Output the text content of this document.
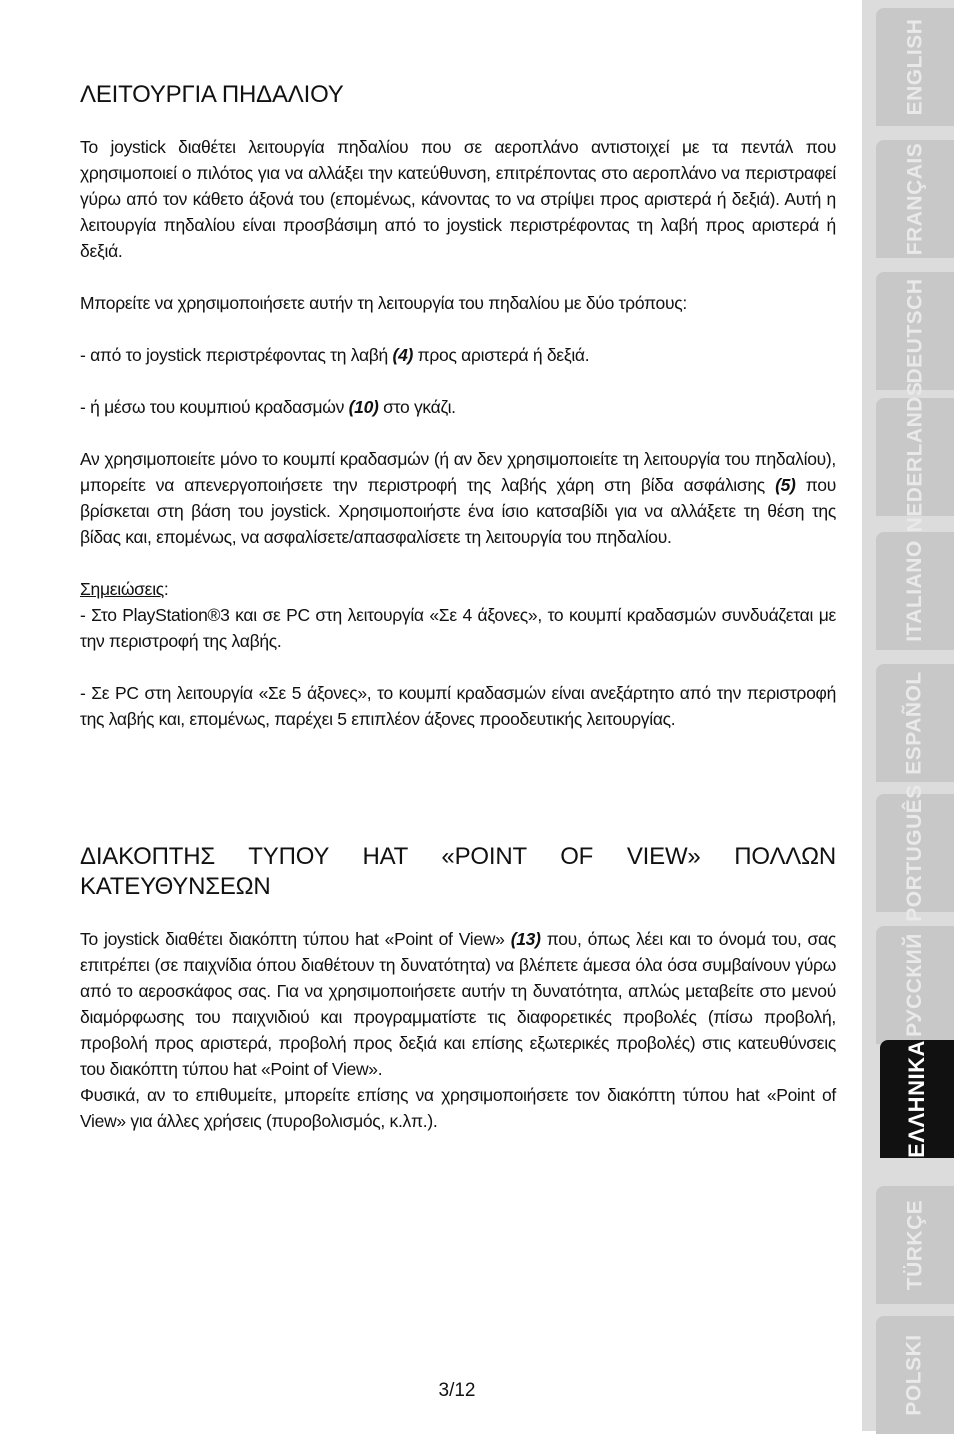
ΛΕΙΤΟΥΡΓΙΑ ΠΗΔΑΛΙΟΥ

Το joystick διαθέτει λειτουργία πηδαλίου που σε αεροπλάνο αντιστοιχεί με τα πεντάλ που χρησιμοποιεί ο πιλότος για να αλλάξει την κατεύθυνση, επιτρέποντας στο αεροπλάνο να περιστραφεί γύρω από τον κάθετο άξονά του (επομένως, κάνοντας το να στρίψει προς αριστερά ή δεξιά). Αυτή η λειτουργία πηδαλίου είναι προσβάσιμη από το joystick περιστρέφοντας τη λαβή προς αριστερά ή δεξιά.

Μπορείτε να χρησιμοποιήσετε αυτήν τη λειτουργία του πηδαλίου με δύο τρόπους:

- από το joystick περιστρέφοντας τη λαβή (4) προς αριστερά ή δεξιά.

- ή μέσω του κουμπιού κραδασμών (10) στο γκάζι.

Αν χρησιμοποιείτε μόνο το κουμπί κραδασμών (ή αν δεν χρησιμοποιείτε τη λειτουργία του πηδαλίου), μπορείτε να απενεργοποιήσετε την περιστροφή της λαβής χάρη στη βίδα ασφάλισης (5) που βρίσκεται στη βάση του joystick. Χρησιμοποιήστε ένα ίσιο κατσαβίδι για να αλλάξετε τη θέση της βίδας και, επομένως, να ασφαλίσετε/απασφαλίσετε τη λειτουργία του πηδαλίου.

Σημειώσεις:

- Στο PlayStation®3 και σε PC στη λειτουργία «Σε 4 άξονες», το κουμπί κραδασμών συνδυάζεται με την περιστροφή της λαβής.

- Σε PC στη λειτουργία «Σε 5 άξονες», το κουμπί κραδασμών είναι ανεξάρτητο από την περιστροφή της λαβής και, επομένως, παρέχει 5 επιπλέον άξονες προοδευτικής λειτουργίας.

ΔΙΑΚΟΠΤΗΣ ΤΥΠΟΥ HAT «POINT OF VIEW» ΠΟΛΛΩΝ ΚΑΤΕΥΘΥΝΣΕΩΝ

Το joystick διαθέτει διακόπτη τύπου hat «Point of View» (13) που, όπως λέει και το όνομά του, σας επιτρέπει (σε παιχνίδια όπου διαθέτουν τη δυνατότητα) να βλέπετε άμεσα όλα όσα συμβαίνουν γύρω από το αεροσκάφος σας. Για να χρησιμοποιήσετε αυτήν τη δυνατότητα, απλώς μεταβείτε στο μενού διαμόρφωσης του παιχνιδιού και προγραμματίστε τις διαφορετικές προβολές (πίσω προβολή, προβολή προς αριστερά, προβολή προς δεξιά και επίσης εξωτερικές προβολές) στις κατευθύνσεις του διακόπτη τύπου hat «Point of View».

Φυσικά, αν το επιθυμείτε, μπορείτε επίσης να χρησιμοποιήσετε τον διακόπτη τύπου hat «Point of View» για άλλες χρήσεις (πυροβολισμός, κ.λπ.).

ENGLISH
FRANÇAIS
DEUTSCH
NEDERLANDS
ITALIANO
ESPAÑOL
PORTUGUÊS
РУССКИЙ
ΕΛΛΗΝΙΚΑ
TÜRKÇE
POLSKI
3/12
